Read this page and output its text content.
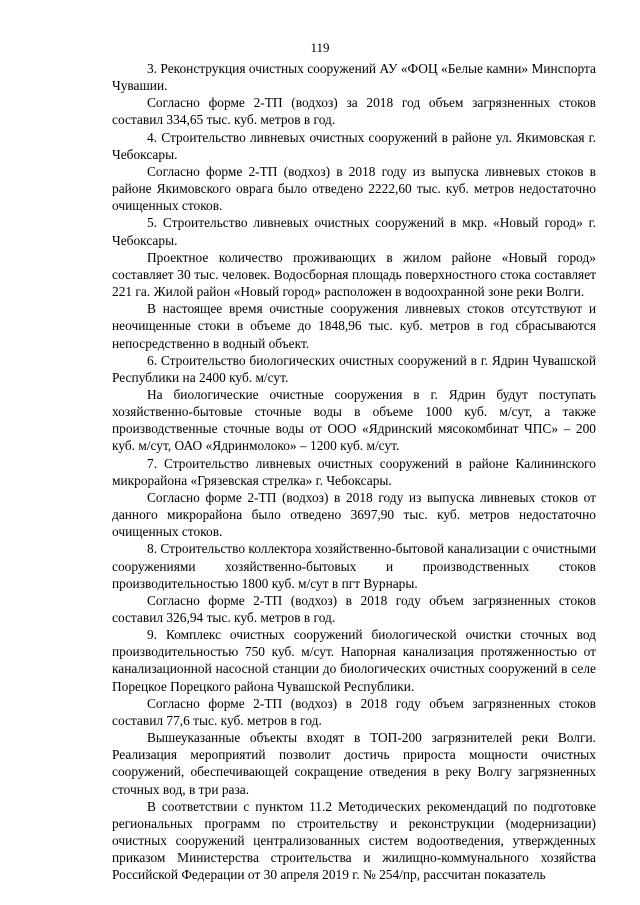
119

3. Реконструкция очистных сооружений АУ «ФОЦ «Белые камни» Минспорта Чувашии.

Согласно форме 2-ТП (водхоз) за 2018 год объем загрязненных стоков составил 334,65 тыс. куб. метров в год.

4. Строительство ливневых очистных сооружений в районе ул. Якимовская г. Чебоксары.

Согласно форме 2-ТП (водхоз) в 2018 году из выпуска ливневых стоков в районе Якимовского оврага было отведено 2222,60 тыс. куб. метров недостаточно очищенных стоков.

5. Строительство ливневых очистных сооружений в мкр. «Новый город» г. Чебоксары.

Проектное количество проживающих в жилом районе «Новый город» составляет 30 тыс. человек. Водосборная площадь поверхностного стока составляет 221 га. Жилой район «Новый город» расположен в водоохранной зоне реки Волги.

В настоящее время очистные сооружения ливневых стоков отсутствуют и неочищенные стоки в объеме до 1848,96 тыс. куб. метров в год сбрасываются непосредственно в водный объект.

6. Строительство биологических очистных сооружений в г. Ядрин Чувашской Республики на 2400 куб. м/сут.

На биологические очистные сооружения в г. Ядрин будут поступать хозяйственно-бытовые сточные воды в объеме 1000 куб. м/сут, а также производственные сточные воды от ООО «Ядринский мясокомбинат ЧПС» – 200 куб. м/сут, ОАО «Ядринмолоко» – 1200 куб. м/сут.

7. Строительство ливневых очистных сооружений в районе Калининского микрорайона «Грязевская стрелка» г. Чебоксары.

Согласно форме 2-ТП (водхоз) в 2018 году из выпуска ливневых стоков от данного микрорайона было отведено 3697,90 тыс. куб. метров недостаточно очищенных стоков.

8. Строительство коллектора хозяйственно-бытовой канализации с очистными сооружениями хозяйственно-бытовых и производственных стоков производительностью 1800 куб. м/сут в пгт Вурнары.

Согласно форме 2-ТП (водхоз) в 2018 году объем загрязненных стоков составил 326,94 тыс. куб. метров в год.

9. Комплекс очистных сооружений биологической очистки сточных вод производительностью 750 куб. м/сут. Напорная канализация протяженностью от канализационной насосной станции до биологических очистных сооружений в селе Порецкое Порецкого района Чувашской Республики.

Согласно форме 2-ТП (водхоз) в 2018 году объем загрязненных стоков составил 77,6 тыс. куб. метров в год.

Вышеуказанные объекты входят в ТОП-200 загрязнителей реки Волги. Реализация мероприятий позволит достичь прироста мощности очистных сооружений, обеспечивающей сокращение отведения в реку Волгу загрязненных сточных вод, в три раза.

В соответствии с пунктом 11.2 Методических рекомендаций по подготовке региональных программ по строительству и реконструкции (модернизации) очистных сооружений централизованных систем водоотведения, утвержденных приказом Министерства строительства и жилищно-коммунального хозяйства Российской Федерации от 30 апреля 2019 г. № 254/пр, рассчитан показатель
